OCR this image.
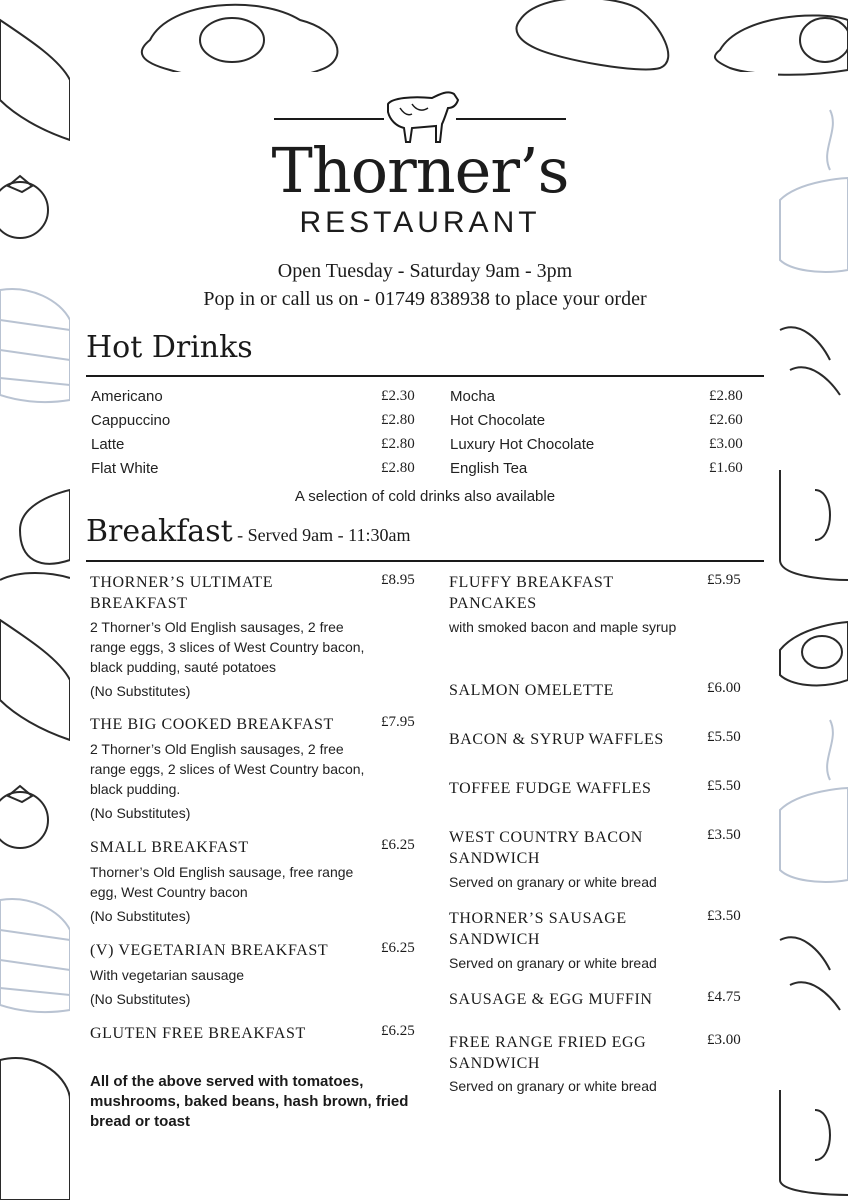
Thorner’s
RESTAURANT
Open Tuesday - Saturday 9am - 3pm
Pop in or call us on - 01749 838938 to place your order
Hot Drinks
Americano	£2.30
Cappuccino	£2.80
Latte	£2.80
Flat White	£2.80
Mocha	£2.80
Hot Chocolate	£2.60
Luxury Hot Chocolate	£3.00
English Tea	£1.60
A selection of cold drinks also available
Breakfast - Served 9am - 11:30am
THORNER’S ULTIMATE BREAKFAST
£8.95
2 Thorner’s Old English sausages, 2 free range eggs, 3 slices of West Country bacon, black pudding, sauté potatoes
(No Substitutes)
THE BIG COOKED BREAKFAST	£7.95
2 Thorner’s Old English sausages, 2 free range eggs, 2 slices of West Country bacon, black pudding.
(No Substitutes)
SMALL BREAKFAST	£6.25
Thorner’s Old English sausage, free range egg, West Country bacon
(No Substitutes)
(V) VEGETARIAN BREAKFAST	£6.25
With vegetarian sausage
(No Substitutes)
GLUTEN FREE BREAKFAST	£6.25
FLUFFY BREAKFAST PANCAKES
£5.95
with smoked bacon and maple syrup
SALMON OMELETTE	£6.00
BACON & SYRUP WAFFLES	£5.50
TOFFEE FUDGE WAFFLES	£5.50
WEST COUNTRY BACON SANDWICH
£3.50
Served on granary or white bread
THORNER’S SAUSAGE SANDWICH
£3.50
Served on granary or white bread
SAUSAGE & EGG MUFFIN	£4.75
FREE RANGE FRIED EGG SANDWICH
£3.00
Served on granary or white bread
All of the above served with tomatoes, mushrooms, baked beans, hash brown, fried bread or toast
